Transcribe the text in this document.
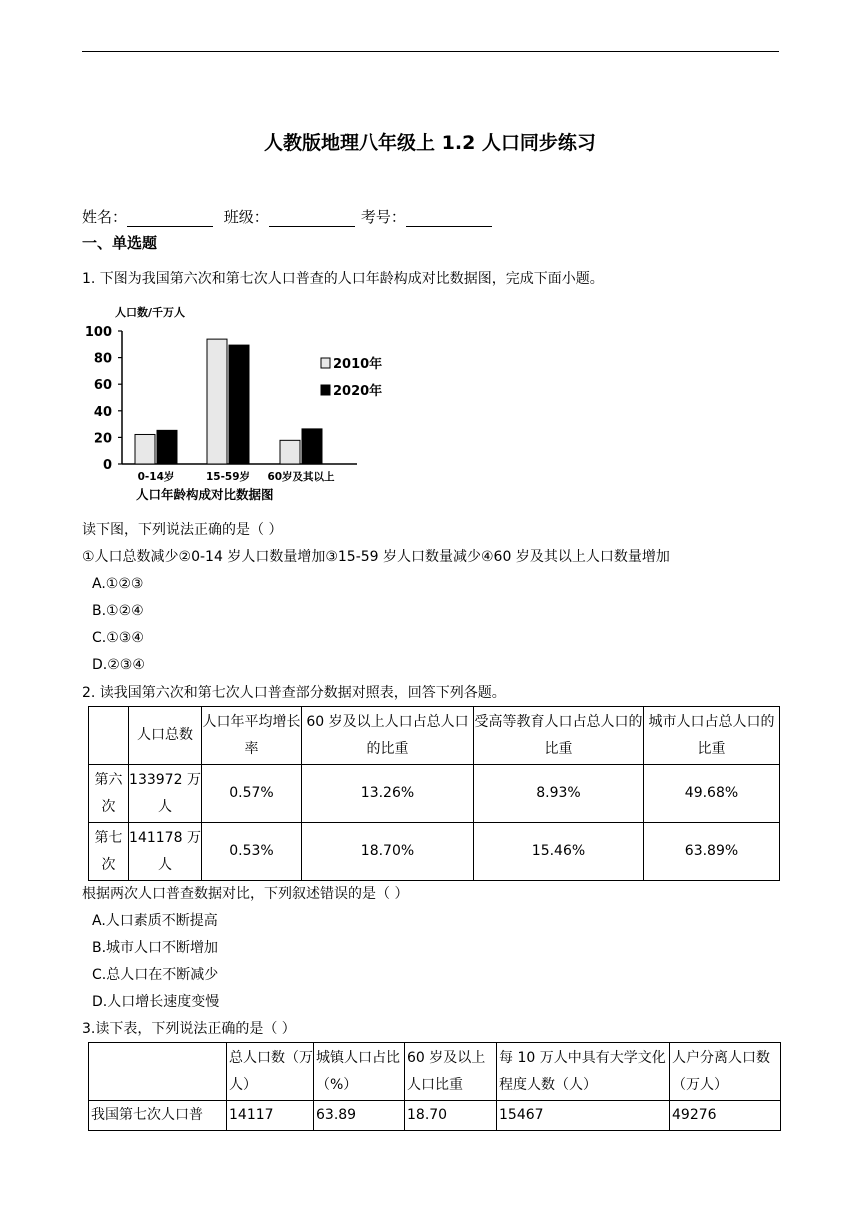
人教版地理八年级上 1.2 人口同步练习
姓名：	班级：	考号：
一、单选题
1. 下图为我国第六次和第七次人口普查的人口年龄构成对比数据图，完成下面小题。
人口数/千万人
0
20
40
60
80
100
0-14岁	15-59岁 60岁及其以上
2010年
2020年
人口年龄构成对比数据图
读下图，下列说法正确的是（ ）
①人口总数减少②0-14 岁人口数量增加③15-59 岁人口数量减少④60 岁及其以上人口数量增加
A.①②③
B.①②④
C.①③④
D.②③④
2. 读我国第六次和第七次人口普查部分数据对照表，回答下列各题。
	人口总数	人口年平均增长率	60 岁及以上人口占总人口的比重	受高等教育人口占总人口的比重	城市人口占总人口的比重
第六次	133972 万人	0.57%	13.26%	8.93%	49.68%
第七次	141178 万人	0.53%	18.70%	15.46%	63.89%
根据两次人口普查数据对比，下列叙述错误的是（ ）
A.人口素质不断提高
B.城市人口不断增加
C.总人口在不断减少
D.人口增长速度变慢
3.读下表，下列说法正确的是（ ）
	总人口数（万人）	城镇人口占比（%）	60 岁及以上人口比重	每 10 万人中具有大学文化程度人数（人）	人户分离人口数（万人）
我国第七次人口普	14117	63.89	18.70	15467	49276
